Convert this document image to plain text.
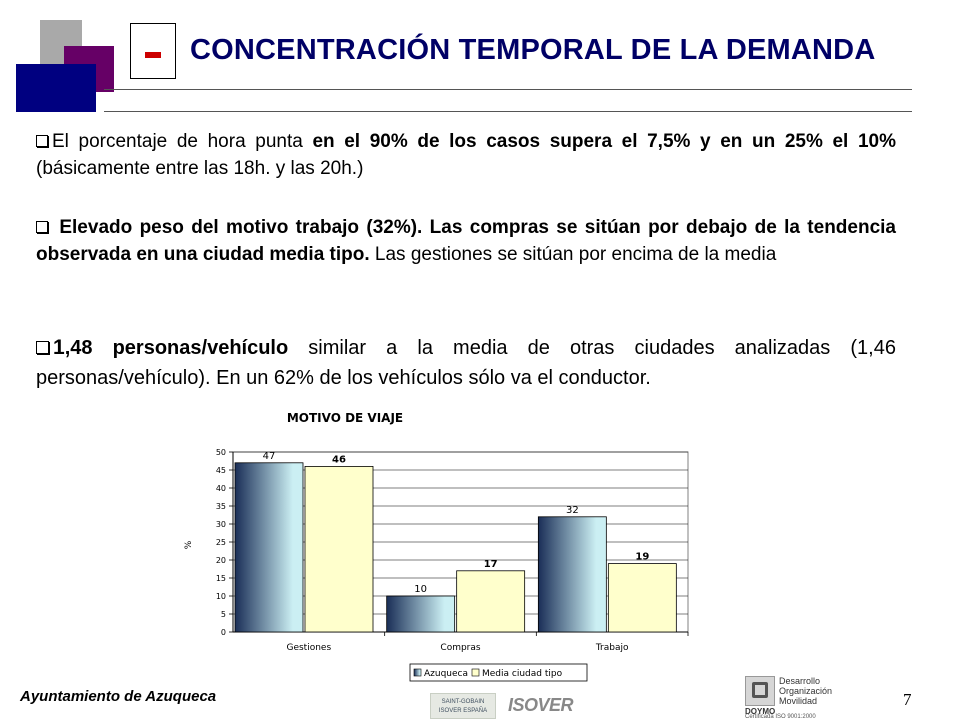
CONCENTRACIÓN TEMPORAL DE LA DEMANDA

El porcentaje de hora punta en el 90% de los casos supera el 7,5% y en un 25% el 10% (básicamente entre las 18h. y las 20h.)

Elevado peso del motivo trabajo (32%). Las compras se sitúan por debajo de la tendencia observada en una ciudad media tipo. Las gestiones se sitúan por encima de la media

1,48 personas/vehículo similar a la media de otras ciudades analizadas (1,46 personas/vehículo). En un 62% de los vehículos sólo va el conductor.

MOTIVO DE VIAJE
0
5
10
15
20
25
30
35
40
45
50
%
Gestiones
47	46
Compras
10
17
Trabajo
32
19
Azuqueca Media ciudad tipo
Ayuntamiento de Azuqueca	7
SAINT-GOBAIN ISOVER ESPAÑA	ISOVER
Desarrollo
Organización
Movilidad
DOYMO
Certificada ISO 9001:2000
